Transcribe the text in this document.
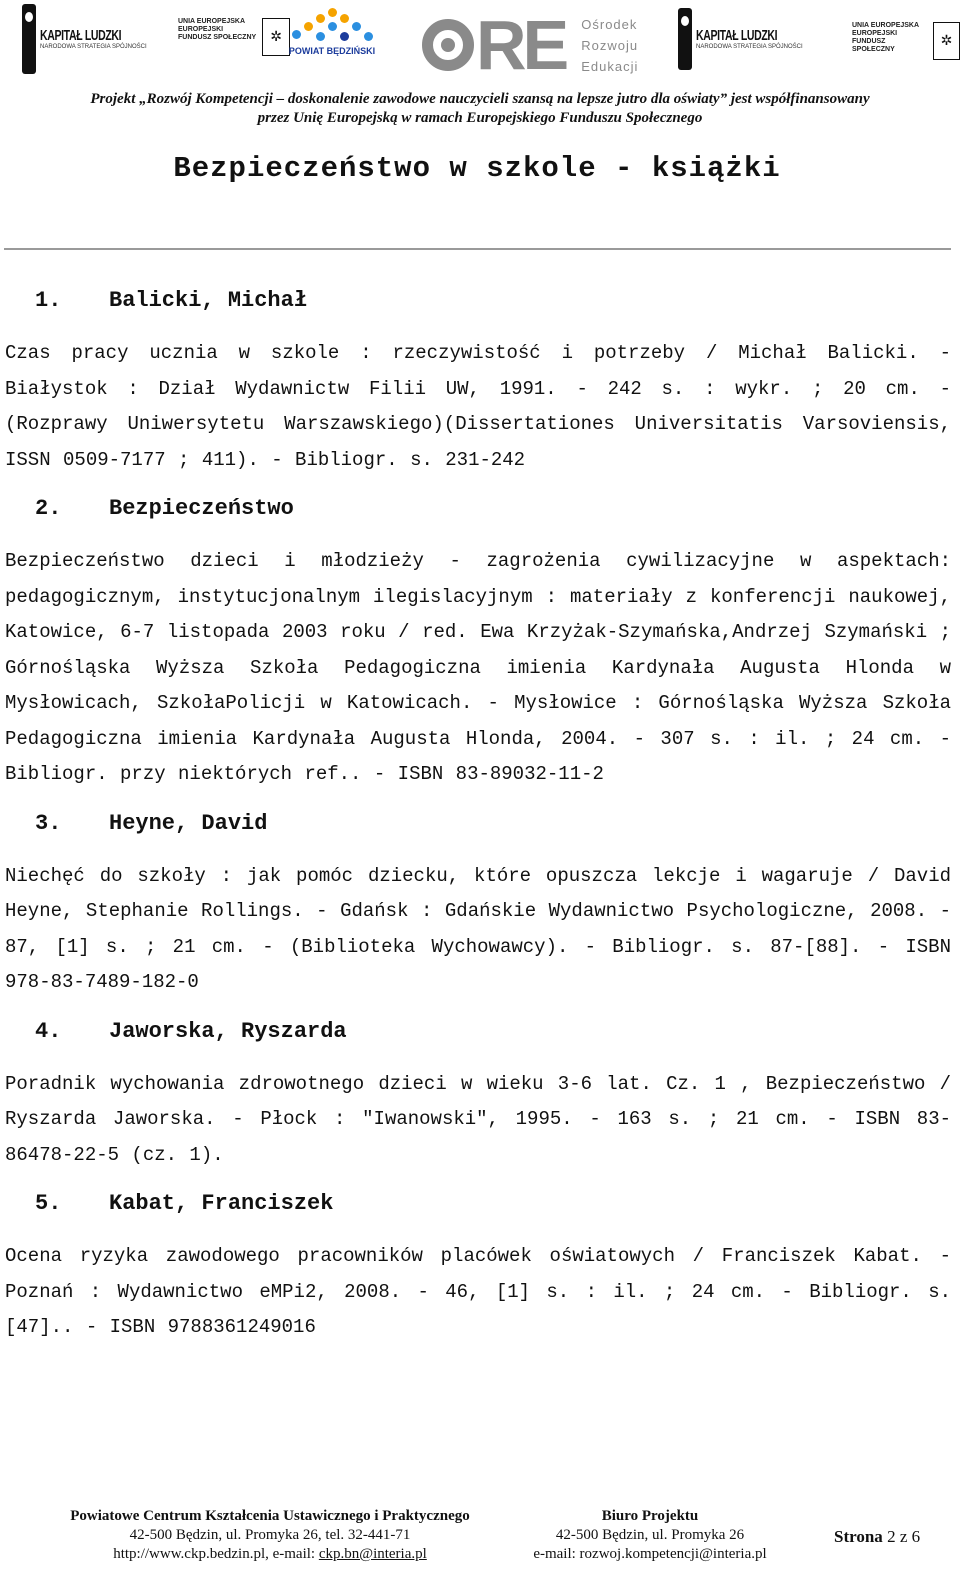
KAPITAŁ LUDZKI
NARODOWA STRATEGIA SPÓJNOŚCI
UNIA EUROPEJSKA
EUROPEJSKI
FUNDUSZ SPOŁECZNY	✲
POWIAT BĘDZIŃSKI RE Ośrodek
Rozwoju
Edukacji
KAPITAŁ LUDZKI
NARODOWA STRATEGIA SPÓJNOŚCI
UNIA EUROPEJSKA
EUROPEJSKI
FUNDUSZ SPOŁECZNY
✲
Projekt „Rozwój Kompetencji – doskonalenie zawodowe nauczycieli szansą na lepsze jutro dla oświaty” jest współfinansowany
przez Unię Europejską w ramach Europejskiego Funduszu Społecznego
Bezpieczeństwo w szkole - książki
1.	Balicki, Michał
Czas pracy ucznia w szkole : rzeczywistość i potrzeby / Michał Balicki. - Białystok : Dział Wydawnictw Filii UW, 1991. - 242 s. : wykr. ; 20 cm. - (Rozprawy Uniwersytetu Warszawskiego)(Dissertationes Universitatis Varsoviensis, ISSN 0509-7177 ; 411). - Bibliogr. s. 231-242
2.	Bezpieczeństwo
Bezpieczeństwo dzieci i młodzieży - zagrożenia cywilizacyjne w aspektach: pedagogicznym, instytucjonalnym ilegislacyjnym : materiały z konferencji naukowej, Katowice, 6-7 listopada 2003 roku / red. Ewa Krzyżak-Szymańska,Andrzej Szymański ; Górnośląska Wyższa Szkoła Pedagogiczna imienia Kardynała Augusta Hlonda w Mysłowicach, SzkołaPolicji w Katowicach. - Mysłowice : Górnośląska Wyższa Szkoła Pedagogiczna imienia Kardynała Augusta Hlonda, 2004. - 307 s. : il. ; 24 cm. - Bibliogr. przy niektórych ref.. - ISBN 83-89032-11-2
3.	Heyne, David
Niechęć do szkoły : jak pomóc dziecku, które opuszcza lekcje i wagaruje / David Heyne, Stephanie Rollings. - Gdańsk : Gdańskie Wydawnictwo Psychologiczne, 2008. - 87, [1] s. ; 21 cm. - (Biblioteka Wychowawcy). - Bibliogr. s. 87-[88]. - ISBN 978-83-7489-182-0
4.	Jaworska, Ryszarda
Poradnik wychowania zdrowotnego dzieci w wieku 3-6 lat. Cz. 1 , Bezpieczeństwo / Ryszarda Jaworska. - Płock : "Iwanowski", 1995. - 163 s. ; 21 cm. - ISBN 83-86478-22-5 (cz. 1).
5.	Kabat, Franciszek
Ocena ryzyka zawodowego pracowników placówek oświatowych / Franciszek Kabat. - Poznań : Wydawnictwo eMPi2, 2008. - 46, [1] s. : il. ; 24 cm. - Bibliogr. s. [47].. - ISBN 9788361249016
Powiatowe Centrum Kształcenia Ustawicznego i Praktycznego
42-500 Będzin, ul. Promyka 26, tel. 32-441-71
http://www.ckp.bedzin.pl, e-mail: ckp.bn@interia.pl
Biuro Projektu
42-500 Będzin, ul. Promyka 26
e-mail: rozwoj.kompetencji@interia.pl
Strona 2 z 6
